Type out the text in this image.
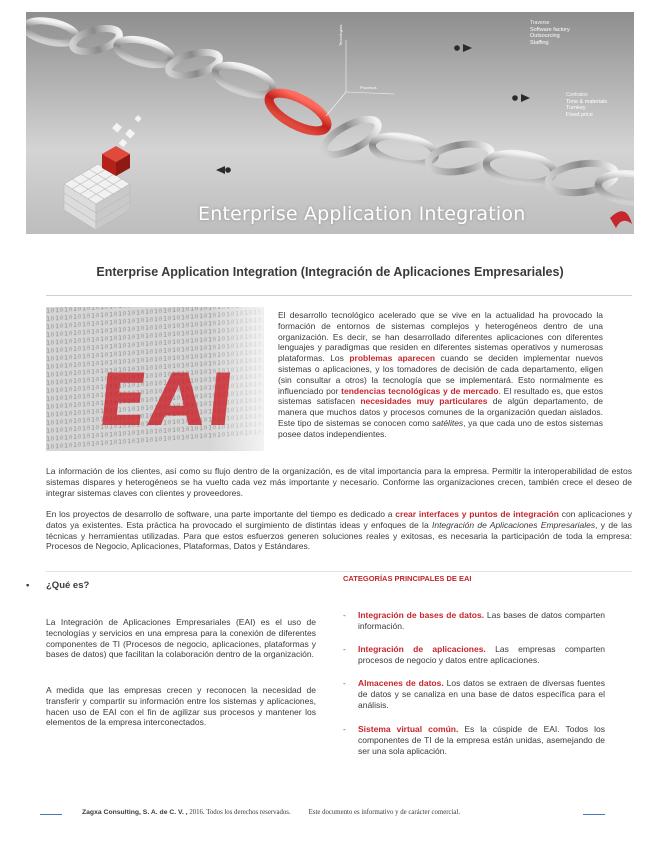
Tecnologías
Procesos
Traverse
Software factory
Outsourcing
Staffing
Contratos
Time & materials
Turnkey
Fixed price
Enterprise Application Integration
Enterprise Application Integration (Integración de Aplicaciones Empresariales)
EAI
El desarrollo tecnológico acelerado que se vive en la actualidad ha provocado la formación de entornos de sistemas complejos y heterogéneos dentro de una organización. Es decir, se han desarrollado diferentes aplicaciones con diferentes lenguajes y paradigmas que residen en diferentes sistemas operativos y numerosas plataformas. Los problemas aparecen cuando se deciden implementar nuevos sistemas o aplicaciones, y los tomadores de decisión de cada departamento, eligen (sin consultar a otros) la tecnología que se implementará. Esto normalmente es influenciado por tendencias tecnológicas y de mercado. El resultado es, que estos sistemas satisfacen necesidades muy particulares de algún departamento, de manera que muchos datos y procesos comunes de la organización quedan aislados. Este tipo de sistemas se conocen como satélites, ya que cada uno de estos sistemas posee datos independientes.
La información de los clientes, así como su flujo dentro de la organización, es de vital importancia para la empresa. Permitir la interoperabilidad de estos sistemas dispares y heterogéneos se ha vuelto cada vez más importante y necesario. Conforme las organizaciones crecen, también crece el deseo de integrar sistemas claves con clientes y proveedores.
En los proyectos de desarrollo de software, una parte importante del tiempo es dedicado a crear interfaces y puntos de integración con aplicaciones y datos ya existentes. Esta práctica ha provocado el surgimiento de distintas ideas y enfoques de la Integración de Aplicaciones Empresariales, y de las técnicas y herramientas utilizadas. Para que estos esfuerzos generen soluciones reales y exitosas, es necesaria la participación de toda la empresa: Procesos de Negocio, Aplicaciones, Plataformas, Datos y Estándares.
• ¿Qué es?
La Integración de Aplicaciones Empresariales (EAI) es el uso de tecnologías y servicios en una empresa para la conexión de diferentes componentes de TI (Procesos de negocio, aplicaciones, plataformas y bases de datos) que facilitan la colaboración dentro de la organización.
A medida que las empresas crecen y reconocen la necesidad de transferir y compartir su información entre los sistemas y aplicaciones, hacen uso de EAI con el fin de agilizar sus procesos y mantener los elementos de la empresa interconectados.
CATEGORÍAS PRINCIPALES DE EAI
- Integración de bases de datos. Las bases de datos comparten información.
- Integración de aplicaciones. Las empresas comparten procesos de negocio y datos entre aplicaciones.
- Almacenes de datos. Los datos se extraen de diversas fuentes de datos y se canaliza en una base de datos específica para el análisis.
- Sistema virtual común. Es la cúspide de EAI. Todos los componentes de TI de la empresa están unidas, asemejando de ser una sola aplicación.
Zagxa Consulting, S. A. de C. V. , 2016. Todos los derechos reservados.	Este documento es informativo y de carácter comercial.
